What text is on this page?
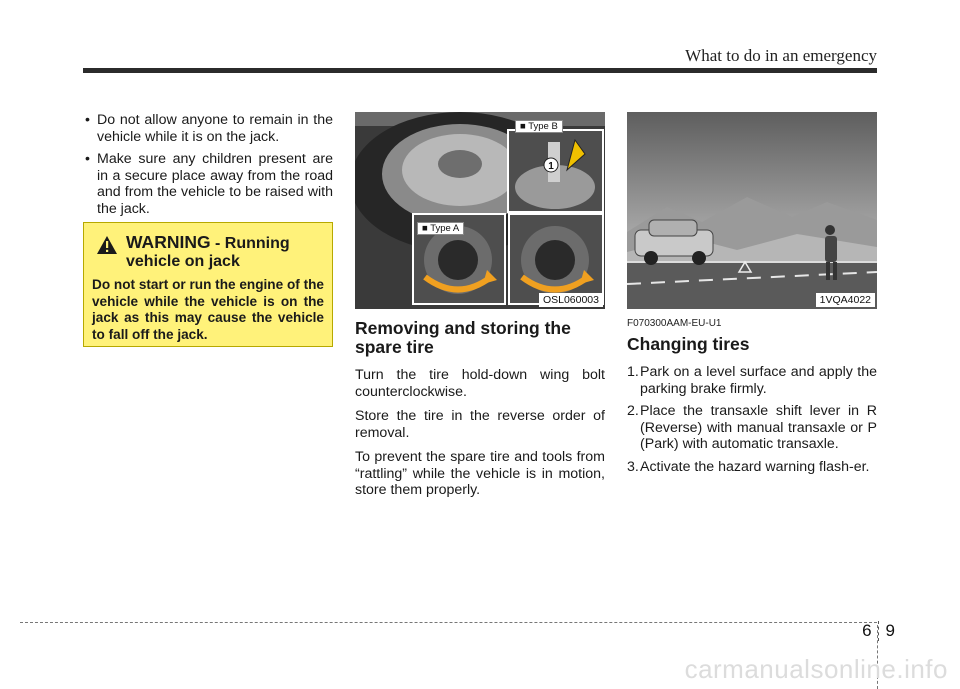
What to do in an emergency
• Do not allow anyone to remain in the vehicle while it is on the jack.
• Make sure any children present are in a secure place away from the road and from the vehicle to be raised with the jack.
WARNING - Running vehicle on jack
Do not start or run the engine of the vehicle while the vehicle is on the jack as this may cause the vehicle to fall off the jack.
1
■ Type B
■ Type A
OSL060003
Removing and storing the spare tire

Turn the tire hold-down wing bolt counterclockwise.

Store the tire in the reverse order of removal.

To prevent the spare tire and tools from “rattling” while the vehicle is in motion, store them properly.

1VQA4022
F070300AAM-EU-U1
Changing tires
1. Park on a level surface and apply the parking brake firmly.
2. Place the transaxle shift lever in R (Reverse) with manual transaxle or P (Park) with automatic transaxle.
3. Activate the hazard warning flash-er.
6 9
carmanualsonline.info
